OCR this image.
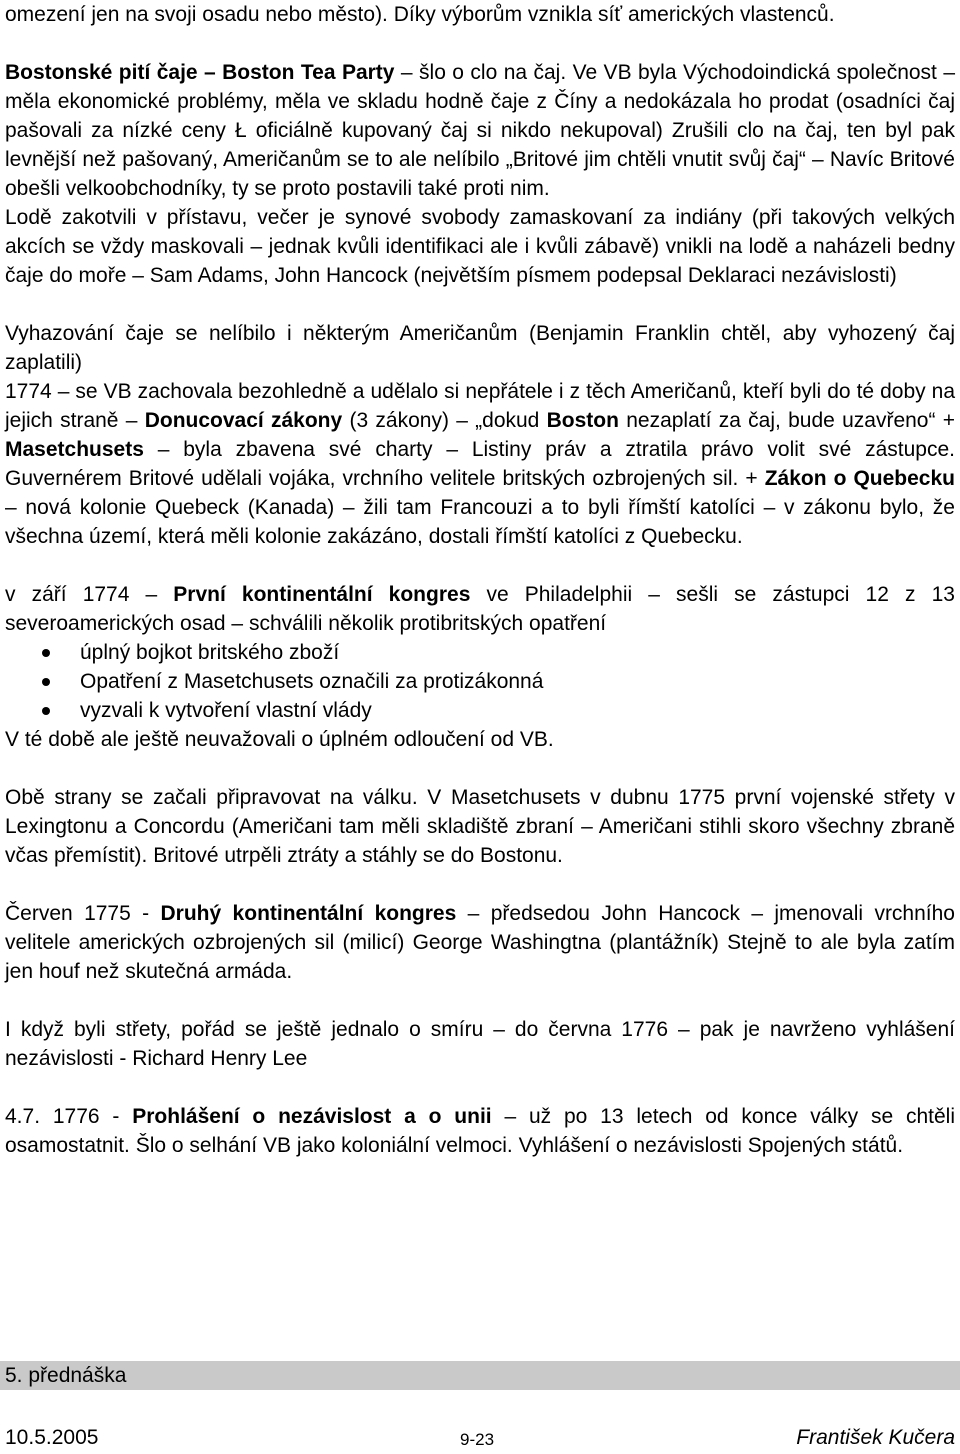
omezení jen na svoji osadu nebo město). Díky výborům vznikla síť amerických vlastenců.

Bostonské pití čaje – Boston Tea Party – šlo o clo na čaj. Ve VB byla Východoindická společnost – měla ekonomické problémy, měla ve skladu hodně čaje z Číny a nedokázala ho prodat (osadníci čaj pašovali za nízké ceny Ł oficiálně kupovaný čaj si nikdo nekupoval) Zrušili clo na čaj, ten byl pak levnější než pašovaný, Američanům se to ale nelíbilo „Britové jim chtěli vnutit svůj čaj“ – Navíc Britové obešli velkoobchodníky, ty se proto postavili také proti nim.

Lodě zakotvili v přístavu, večer je synové svobody zamaskovaní za indiány (při takových velkých akcích se vždy maskovali – jednak kvůli identifikaci ale i kvůli zábavě) vnikli na lodě a naházeli bedny čaje do moře – Sam Adams, John Hancock (největším písmem podepsal Deklaraci nezávislosti)

Vyhazování čaje se nelíbilo i některým Američanům (Benjamin Franklin chtěl, aby vyhozený čaj zaplatili)

1774 – se VB zachovala bezohledně a udělalo si nepřátele i z těch Američanů, kteří byli do té doby na jejich straně – Donucovací zákony (3 zákony) – „dokud Boston nezaplatí za čaj, bude uzavřeno“ + Masetchusets – byla zbavena své charty – Listiny práv a ztratila právo volit své zástupce. Guvernérem Britové udělali vojáka, vrchního velitele britských ozbrojených sil. + Zákon o Quebecku – nová kolonie Quebeck (Kanada) – žili tam Francouzi a to byli římští katolíci – v zákonu bylo, že všechna území, která měli kolonie zakázáno, dostali římští katolíci z Quebecku.

v září 1774 – První kontinentální kongres ve Philadelphii – sešli se zástupci 12 z 13 severoamerických osad – schválili několik protibritských opatření

úplný bojkot britského zboží
Opatření z Masetchusets označili za protizákonná
vyzvali k vytvoření vlastní vlády

V té době ale ještě neuvažovali o úplném odloučení od VB.

Obě strany se začali připravovat na válku. V Masetchusets v dubnu 1775 první vojenské střety v Lexingtonu a Concordu (Američani tam měli skladiště zbraní – Američani stihli skoro všechny zbraně včas přemístit). Britové utrpěli ztráty a stáhly se do Bostonu.

Červen 1775 - Druhý kontinentální kongres – předsedou John Hancock – jmenovali vrchního velitele amerických ozbrojených sil (milicí) George Washingtna (plantážník) Stejně to ale byla zatím jen houf než skutečná armáda.

I když byli střety, pořád se ještě jednalo o smíru – do června 1776 – pak je navrženo vyhlášení nezávislosti - Richard Henry Lee

4.7. 1776 - Prohlášení o nezávislost a o unii – už po 13 letech od konce války se chtěli osamostatnit. Šlo o selhání VB jako koloniální velmoci. Vyhlášení o nezávislosti Spojených států.

5. přednáška
10.5.2005	9-23	František Kučera
